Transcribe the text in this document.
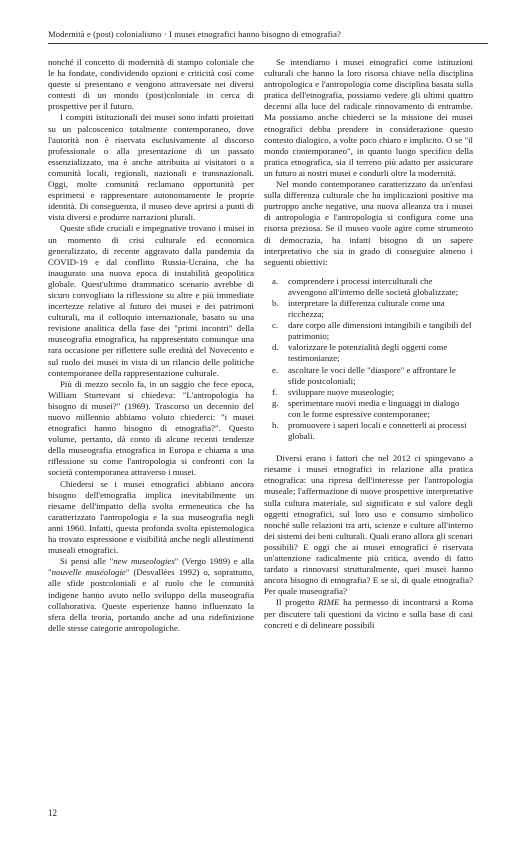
Modernità e (post) colonialismo · I musei etnografici hanno bisogno di etnografia?

nonché il concetto di modernità di stampo coloniale che le ha fondate, condividendo opzioni e criticità così come queste si presentano e vengono attraversate nei diversi contesti di un mondo (post)coloniale in cerca di prospettive per il futuro.

I compiti istituzionali dei musei sono infatti proiettati su un palcoscenico totalmente contemporaneo, dove l'autorità non è riservata esclusivamente al discorso professionale o alla presentazione di un passato essenzializzato, ma è anche attribuita ai visitatori o a comunità locali, regionali, nazionali e transnazionali. Oggi, molte comunità reclamano opportunità per esprimersi e rappresentare autonomamente le proprie identità. Di conseguenza, il museo deve aprirsi a punti di vista diversi e produrre narrazioni plurali.

Queste sfide cruciali e impegnative trovano i musei in un momento di crisi culturale ed economica generalizzato, di recente aggravato dalla pandemia da COVID-19 e dal conflitto Russia-Ucraina, che ha inaugurato una nuova epoca di instabilità geopolitica globale. Quest'ultimo drammatico scenario avrebbe di sicuro convogliato la riflessione su altre e più immediate incertezze relative al futuro dei musei e dei patrimoni culturali, ma il colloquio internazionale, basato su una revisione analitica della fase dei "primi incontri" della museografia etnografica, ha rappresentato comunque una rara occasione per riflettere sulle eredità del Novecento e sul ruolo dei musei in vista di un rilancio delle politiche contemporanee della rappresentazione culturale.

Più di mezzo secolo fa, in un saggio che fece epoca, William Sturtevant si chiedeva: "L'antropologia ha bisogno di musei?" (1969). Trascorso un decennio del nuovo millennio abbiamo voluto chiederci: "i musei etnografici hanno bisogno di etnografia?". Questo volume, pertanto, dà conto di alcune recenti tendenze della museografia etnografica in Europa e chiama a una riflessione su come l'antropologia si confronti con la società contemporanea attraverso i musei.

Chiedersi se i musei etnografici abbiano ancora bisogno dell'etnografia implica inevitabilmente un riesame dell'impatto della svolta ermeneutica che ha caratterizzato l'antropologia e la sua museografia negli anni 1960. Infatti, questa profonda svolta epistemologica ha trovato espressione e visibilità anche negli allestimenti museali etnografici.

Si pensi alle "new museologies" (Vergo 1989) e alla "nouvelle muséologie" (Desvallées 1992) o, soprattutto, alle sfide postcoloniali e al ruolo che le comunità indigene hanno avuto nello sviluppo della museografia collaborativa. Queste esperienze hanno influenzato la sfera della teoria, portando anche ad una ridefinizione delle stesse categorie antropologiche.

Se intendiamo i musei etnografici come istituzioni culturali che hanno la loro risorsa chiave nella disciplina antropologica e l'antropologia come disciplina basata sulla pratica dell'etnografia, possiamo vedere gli ultimi quattro decenni alla luce del radicale rinnovamento di entrambe. Ma possiamo anche chiederci se la missione dei musei etnografici debba prendere in considerazione questo contesto dialogico, a volte poco chiaro e implicito. O se "il mondo contemporaneo", in quanto luogo specifico della pratica etnografica, sia il terreno più adatto per assicurare un futuro ai nostri musei e condurli oltre la modernità.

Nel mondo contemporaneo caratterizzato da un'enfasi sulla differenza culturale che ha implicazioni positive ma purtroppo anche negative, una nuova alleanza tra i musei di antropologia e l'antropologia si configura come una risorsa preziosa. Se il museo vuole agire come strumento di democrazia, ha infatti bisogno di un sapere interpretativo che sia in grado di conseguire almeno i seguenti obiettivi:

a. comprendere i processi interculturali che avvengono all'interno delle società globalizzate;
b. interpretare la differenza culturale come una ricchezza;
c. dare corpo alle dimensioni intangibili e tangibili del patrimonio;
d. valorizzare le potenzialità degli oggetti come testimonianze;
e. ascoltare le voci delle "diaspore" e affrontare le sfide postcoloniali;
f. sviluppare nuove museologie;
g. sperimentare nuovi media e linguaggi in dialogo con le forme espressive contemporanee;
h. promuovere i saperi locali e connetterli ai processi globali.

Diversi erano i fattori che nel 2012 ci spingevano a riesame i musei etnografici in relazione alla pratica etnografica: una ripresa dell'interesse per l'antropologia museale; l'affermazione di nuove prospettive interpretative sulla cultura materiale, sul significato e sul valore degli oggetti etnografici, sul loro uso e consumo simbolico nonché sulle relazioni tra arti, scienze e culture all'interno dei sistemi dei beni culturali. Quali erano allora gli scenari possibili? E oggi che ai musei etnografici è riservata un'attenzione radicalmente più critica, avendo di fatto tardato a rinnovarsi strutturalmente, quei musei hanno ancora bisogno di etnografia? E se sì, di quale etnografia? Per quale museografia?

Il progetto RIME ha permesso di incontrarsi a Roma per discutere tali questioni da vicino e sulla base di casi concreti e di delineare possibili

12
